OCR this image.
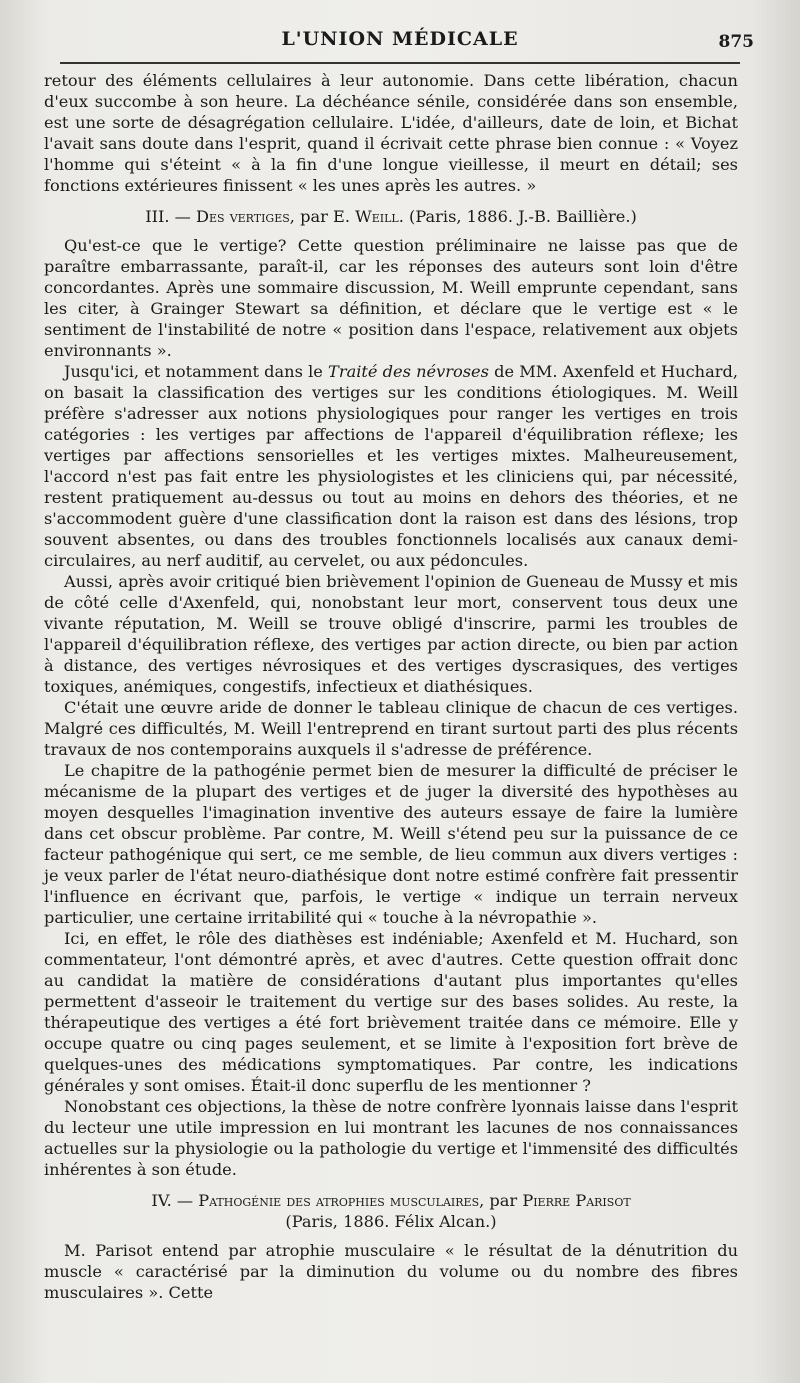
L'UNION MÉDICALE	875

retour des éléments cellulaires à leur autonomie. Dans cette libération, chacun d'eux succombe à son heure. La déchéance sénile, considérée dans son ensemble, est une sorte de désagrégation cellulaire. L'idée, d'ailleurs, date de loin, et Bichat l'avait sans doute dans l'esprit, quand il écrivait cette phrase bien connue : « Voyez l'homme qui s'éteint « à la fin d'une longue vieillesse, il meurt en détail; ses fonctions extérieures finissent « les unes après les autres. »

III. — Des vertiges, par E. Weill. (Paris, 1886. J.-B. Baillière.)

Qu'est-ce que le vertige? Cette question préliminaire ne laisse pas que de paraître embarrassante, paraît-il, car les réponses des auteurs sont loin d'être concordantes. Après une sommaire discussion, M. Weill emprunte cependant, sans les citer, à Grainger Stewart sa définition, et déclare que le vertige est « le sentiment de l'instabilité de notre « position dans l'espace, relativement aux objets environnants ».

Jusqu'ici, et notamment dans le Traité des névroses de MM. Axenfeld et Huchard, on basait la classification des vertiges sur les conditions étiologiques. M. Weill préfère s'adresser aux notions physiologiques pour ranger les vertiges en trois catégories : les vertiges par affections de l'appareil d'équilibration réflexe; les vertiges par affections sensorielles et les vertiges mixtes. Malheureusement, l'accord n'est pas fait entre les physiologistes et les cliniciens qui, par nécessité, restent pratiquement au-dessus ou tout au moins en dehors des théories, et ne s'accommodent guère d'une classification dont la raison est dans des lésions, trop souvent absentes, ou dans des troubles fonctionnels localisés aux canaux demi-circulaires, au nerf auditif, au cervelet, ou aux pédoncules.

Aussi, après avoir critiqué bien brièvement l'opinion de Gueneau de Mussy et mis de côté celle d'Axenfeld, qui, nonobstant leur mort, conservent tous deux une vivante réputation, M. Weill se trouve obligé d'inscrire, parmi les troubles de l'appareil d'équilibration réflexe, des vertiges par action directe, ou bien par action à distance, des vertiges névrosiques et des vertiges dyscrasiques, des vertiges toxiques, anémiques, congestifs, infectieux et diathésiques.

C'était une œuvre aride de donner le tableau clinique de chacun de ces vertiges. Malgré ces difficultés, M. Weill l'entreprend en tirant surtout parti des plus récents travaux de nos contemporains auxquels il s'adresse de préférence.

Le chapitre de la pathogénie permet bien de mesurer la difficulté de préciser le mécanisme de la plupart des vertiges et de juger la diversité des hypothèses au moyen desquelles l'imagination inventive des auteurs essaye de faire la lumière dans cet obscur problème. Par contre, M. Weill s'étend peu sur la puissance de ce facteur pathogénique qui sert, ce me semble, de lieu commun aux divers vertiges : je veux parler de l'état neuro-diathésique dont notre estimé confrère fait pressentir l'influence en écrivant que, parfois, le vertige « indique un terrain nerveux particulier, une certaine irritabilité qui « touche à la névropathie ».

Ici, en effet, le rôle des diathèses est indéniable; Axenfeld et M. Huchard, son commentateur, l'ont démontré après, et avec d'autres. Cette question offrait donc au candidat la matière de considérations d'autant plus importantes qu'elles permettent d'asseoir le traitement du vertige sur des bases solides. Au reste, la thérapeutique des vertiges a été fort brièvement traitée dans ce mémoire. Elle y occupe quatre ou cinq pages seulement, et se limite à l'exposition fort brève de quelques-unes des médications symptomatiques. Par contre, les indications générales y sont omises. Était-il donc superflu de les mentionner ?

Nonobstant ces objections, la thèse de notre confrère lyonnais laisse dans l'esprit du lecteur une utile impression en lui montrant les lacunes de nos connaissances actuelles sur la physiologie ou la pathologie du vertige et l'immensité des difficultés inhérentes à son étude.

IV. — Pathogénie des atrophies musculaires, par Pierre Parisot
(Paris, 1886. Félix Alcan.)

M. Parisot entend par atrophie musculaire « le résultat de la dénutrition du muscle « caractérisé par la diminution du volume ou du nombre des fibres musculaires ». Cette
